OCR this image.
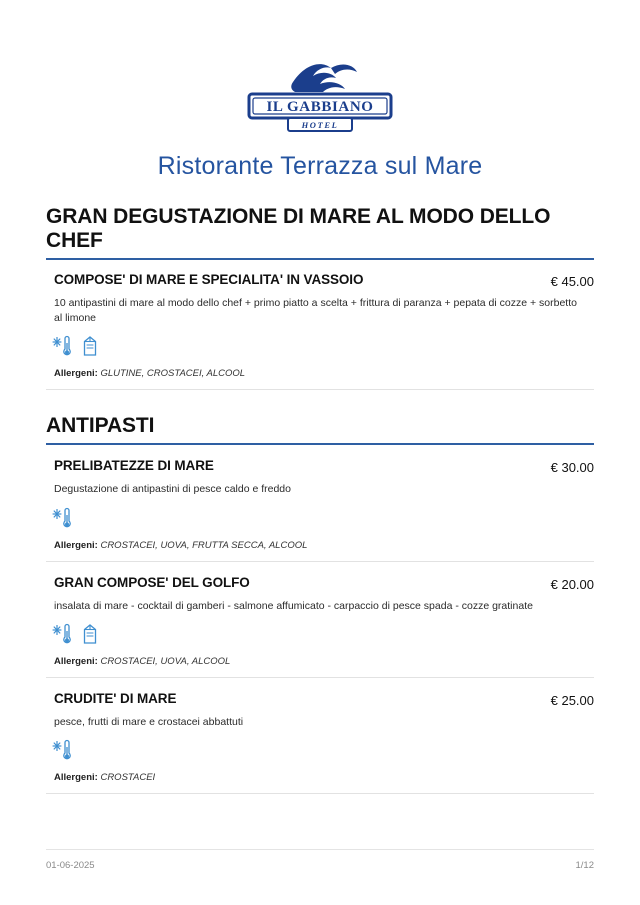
IL GABBIANO
HOTEL
Ristorante Terrazza sul Mare
GRAN DEGUSTAZIONE DI MARE AL MODO DELLO CHEF
COMPOSE' DI MARE E SPECIALITA' IN VASSOIO	€ 45.00
10 antipastini di mare al modo dello chef + primo piatto a scelta + frittura di paranza + pepata di cozze + sorbetto al limone
Allergeni: GLUTINE, CROSTACEI, ALCOOL
ANTIPASTI
PRELIBATEZZE DI MARE	€ 30.00
Degustazione di antipastini di pesce caldo e freddo
Allergeni: CROSTACEI, UOVA, FRUTTA SECCA, ALCOOL
GRAN COMPOSE' DEL GOLFO	€ 20.00
insalata di mare - cocktail di gamberi - salmone affumicato - carpaccio di pesce spada - cozze gratinate
Allergeni: CROSTACEI, UOVA, ALCOOL
CRUDITE' DI MARE	€ 25.00
pesce, frutti di mare e crostacei abbattuti
Allergeni: CROSTACEI
01-06-2025	1/12
